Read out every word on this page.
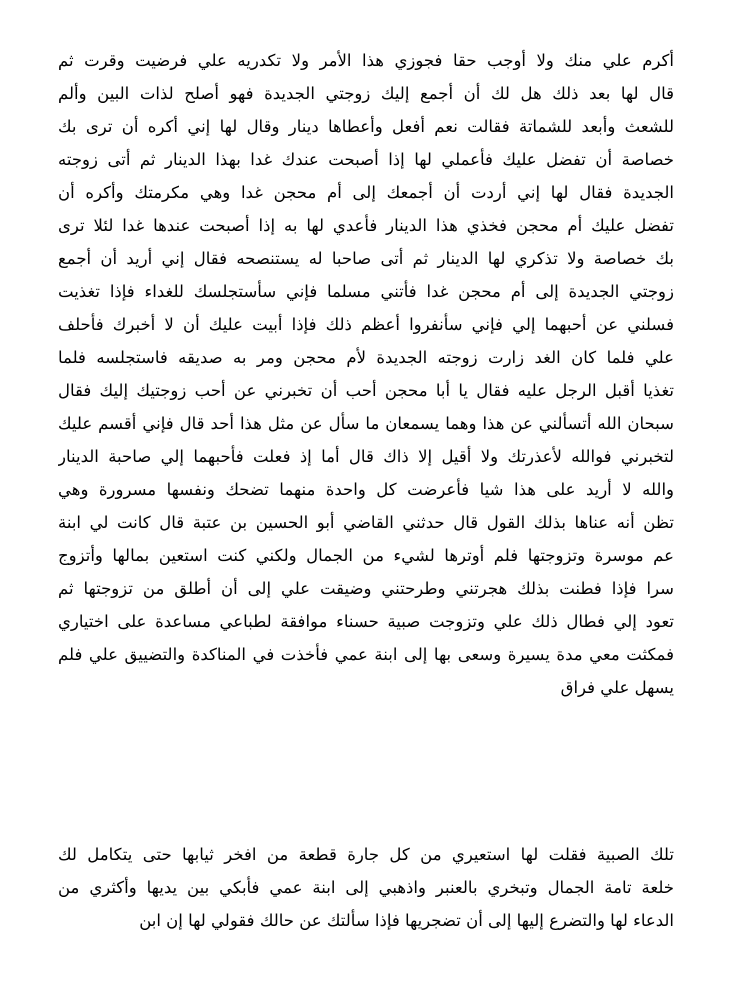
أكرم علي منك ولا أوجب حقا فجوزي هذا الأمر ولا تكدريه علي فرضيت وقرت ثم
قال لها بعد ذلك هل لك أن أجمع إليك زوجتي الجديدة فهو أصلح لذات البين وألم
للشعث وأبعد للشماتة فقالت نعم أفعل وأعطاها دينار وقال لها إني أكره أن ترى بك
خصاصة أن تفضل عليك فأعملي لها إذا أصبحت عندك غدا بهذا الدينار ثم أتى زوجته
الجديدة فقال لها إني أردت أن أجمعك إلى أم محجن غدا وهي مكرمتك وأكره أن
تفضل عليك أم محجن فخذي هذا الدينار فأعدي لها به إذا أصبحت عندها غدا لئلا ترى
بك خصاصة ولا تذكري لها الدينار ثم أتى صاحبا له يستنصحه فقال إني أريد أن أجمع
زوجتي الجديدة إلى أم محجن غدا فأتني مسلما فإني سأستجلسك للغداء فإذا تغذيت
فسلني عن أحبهما إلي فإني سأنفروا أعظم ذلك فإذا أبيت عليك أن لا أخبرك فأحلف
علي فلما كان الغد زارت زوجته الجديدة لأم محجن ومر به صديقه فاستجلسه فلما
تغذيا أقبل الرجل عليه فقال يا أبا محجن أحب أن تخبرني عن أحب زوجتيك إليك فقال
سبحان الله أتسألني عن هذا وهما يسمعان ما سأل عن مثل هذا أحد قال فإني أقسم عليك
لتخبرني فوالله لأعذرتك ولا أقيل إلا ذاك قال أما إذ فعلت فأحبهما إلي صاحبة الدينار
والله لا أريد على هذا شيا فأعرضت كل واحدة منهما تضحك ونفسها مسرورة وهي
تظن أنه عناها بذلك القول قال حدثني القاضي أبو الحسين بن عتبة قال كانت لي ابنة
عم موسرة وتزوجتها فلم أوترها لشيء من الجمال ولكني كنت استعين بمالها وأتزوج
سرا فإذا فطنت بذلك هجرتني وطرحتني وضيقت علي إلى أن أطلق من تزوجتها ثم
تعود إلي فطال ذلك علي وتزوجت صبية حسناء موافقة لطباعي مساعدة على اختياري
فمكثت معي مدة يسيرة وسعى بها إلى ابنة عمي فأخذت في المناكدة والتضييق علي فلم
يسهل علي فراق
تلك الصبية فقلت لها استعيري من كل جارة قطعة من افخر ثيابها حتى يتكامل لك
خلعة تامة الجمال وتبخري بالعنبر واذهبي إلى ابنة عمي فأبكي بين يديها وأكثري من
الدعاء لها والتضرع إليها إلى أن تضجريها فإذا سألتك عن حالك فقولي لها إن ابن
